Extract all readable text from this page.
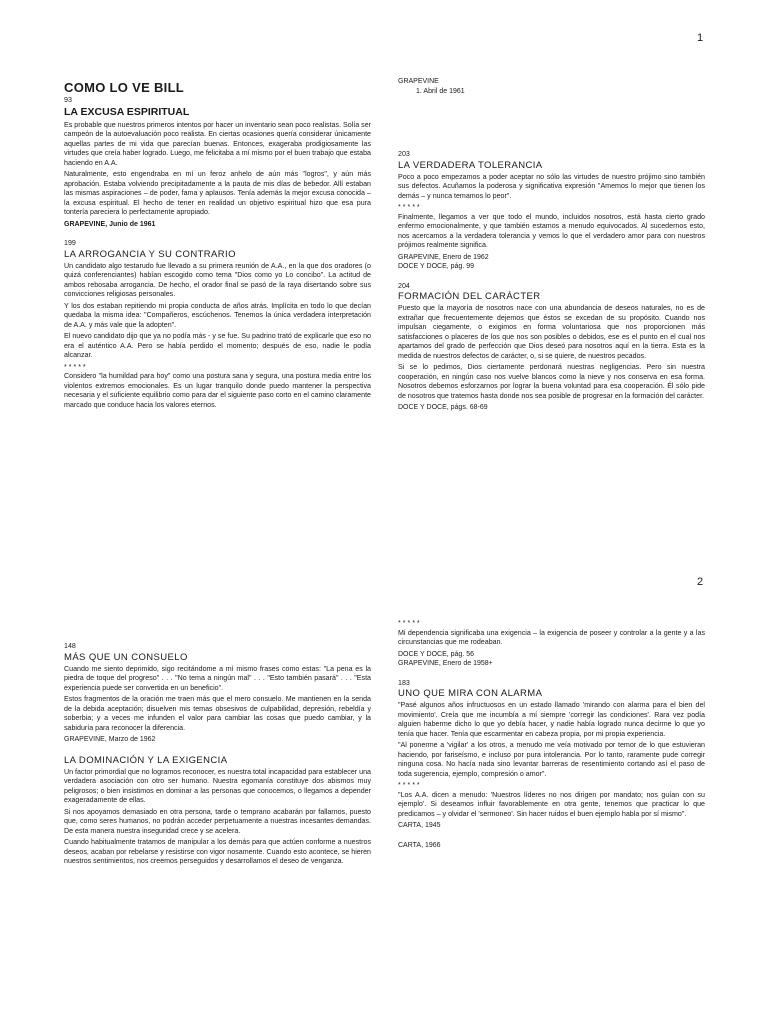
1
COMO LO VE BILL
93
LA EXCUSA ESPIRITUAL

Es probable que nuestros primeros intentos por hacer un inventario sean poco realistas. Solía ser campeón de la autoevaluación poco realista. En ciertas ocasiones quería considerar únicamente aquellas partes de mi vida que parecían buenas. Entonces, exageraba prodigiosamente las virtudes que creía haber logrado. Luego, me felicitaba a mí mismo por el buen trabajo que estaba haciendo en A.A.

Naturalmente, esto engendraba en mí un feroz anhelo de aún más "logros", y aún más aprobación. Estaba volviendo precipitadamente a la pauta de mis días de bebedor. Allí estaban las mismas aspiraciones – de poder, fama y aplausos. Tenía además la mejor excusa conocida – la excusa espiritual. El hecho de tener en realidad un objetivo espiritual hizo que esa pura tontería pareciera lo perfectamente apropiado.

GRAPEVINE, Junio de 1961
199
LA ARROGANCIA Y SU CONTRARIO

Un candidato algo testarudo fue llevado a su primera reunión de A.A., en la que dos oradores (o quizá conferenciantes) habían escogido como tema "Dios como yo Lo concibo". La actitud de ambos rebosaba arrogancia. De hecho, el orador final se pasó de la raya disertando sobre sus convicciones religiosas personales.

Y los dos estaban repitiendo mi propia conducta de años atrás. Implícita en todo lo que decían quedaba la misma idea: "Compañeros, escúchenos. Tenemos la única verdadera interpretación de A.A. y más vale que la adopten".

El nuevo candidato dijo que ya no podía más - y se fue. Su padrino trató de explicarle que eso no era el auténtico A.A. Pero se había perdido el momento; después de eso, nadie le podía alcanzar.

* * * * *

Considero "la humildad para hoy" como una postura sana y segura, una postura media entre los violentos extremos emocionales. Es un lugar tranquilo donde puedo mantener la perspectiva necesaria y el suficiente equilibrio como para dar el siguiente paso corto en el camino claramente marcado que conduce hacia los valores eternos.

GRAPEVINE
1. Abril de 1961
203
LA VERDADERA TOLERANCIA

Poco a poco empezamos a poder aceptar no sólo las virtudes de nuestro prójimo sino también sus defectos. Acuñamos la poderosa y significativa expresión "Amemos lo mejor que tienen los demás – y nunca temamos lo peor".

* * * * *

Finalmente, llegamos a ver que todo el mundo, incluidos nosotros, está hasta cierto grado enfermo emocionalmente, y que también estamos a menudo equivocados. Al sucedernos esto, nos acercamos a la verdadera tolerancia y vemos lo que el verdadero amor para con nuestros prójimos realmente significa.

GRAPEVINE, Enero de 1962
DOCE Y DOCE, pág. 99
204
FORMACIÓN DEL CARÁCTER

Puesto que la mayoría de nosotros nace con una abundancia de deseos naturales, no es de extrañar que frecuentemente dejemos que éstos se excedan de su propósito. Cuando nos impulsan ciegamente, o exigimos en forma voluntariosa que nos proporcionen más satisfacciones o placeres de los que nos son posibles o debidos, ese es el punto en el cual nos apartamos del grado de perfección que Dios deseó para nosotros aquí en la tierra. Esta es la medida de nuestros defectos de carácter, o, si se quiere, de nuestros pecados.

Si se lo pedimos, Dios ciertamente perdonará nuestras negligencias. Pero sin nuestra cooperación, en ningún caso nos vuelve blancos como la nieve y nos conserva en esa forma. Nosotros debemos esforzarnos por lograr la buena voluntad para esa cooperación. Él sólo pide de nosotros que tratemos hasta donde nos sea posible de progresar en la formación del carácter.

DOCE Y DOCE, págs. 68-69
2
148
MÁS QUE UN CONSUELO

Cuando me siento deprimido, sigo recitándome a mí mismo frases como estas: "La pena es la piedra de toque del progreso" . . . "No tema a ningún mal" . . . "Esto también pasará" . . . "Esta experiencia puede ser convertida en un beneficio".

Estos fragmentos de la oración me traen más que el mero consuelo. Me mantienen en la senda de la debida aceptación; disuelven mis temas obsesivos de culpabilidad, depresión, rebeldía y soberbia; y a veces me infunden el valor para cambiar las cosas que puedo cambiar, y la sabiduría para reconocer la diferencia.

GRAPEVINE, Marzo de 1962
LA DOMINACIÓN Y LA EXIGENCIA

Un factor primordial que no logramos reconocer, es nuestra total incapacidad para establecer una verdadera asociación con otro ser humano. Nuestra egomanía constituye dos abismos muy peligrosos; o bien insistimos en dominar a las personas que conocemos, o llegamos a depender exageradamente de ellas.

Si nos apoyamos demasiado en otra persona, tarde o temprano acabarán por fallarnos, puesto que, como seres humanos, no podrán acceder perpetuamente a nuestras incesantes demandas. De esta manera nuestra inseguridad crece y se acelera.

Cuando habitualmente tratamos de manipular a los demás para que actúen conforme a nuestros deseos, acaban por rebelarse y resistirse con vigor nosamente. Cuando esto acontece, se hieren nuestros sentimientos, nos creemos perseguidos y desarrollamos el deseo de venganza.

* * * * *

Mi dependencia significaba una exigencia – la exigencia de poseer y controlar a la gente y a las circunstancias que me rodeaban.

DOCE Y DOCE, pág. 56
GRAPEVINE, Enero de 1958+
183
UNO QUE MIRA CON ALARMA

"Pasé algunos años infructuosos en un estado llamado 'mirando con alarma para el bien del movimiento'. Creía que me incumbía a mí siempre 'corregir las condiciones'. Rara vez podía alguien haberme dicho lo que yo debía hacer, y nadie había logrado nunca decirme lo que yo tenía que hacer. Tenía que escarmentar en cabeza propia, por mi propia experiencia.

"Al ponerme a 'vigilar' a los otros, a menudo me veía motivado por temor de lo que estuvieran haciendo, por fariseísmo, e incluso por pura intolerancia. Por lo tanto, raramente pude corregir ninguna cosa. No hacía nada sino levantar barreras de resentimiento cortando así el paso de toda sugerencia, ejemplo, compresión o amor".

* * * * *

"Los A.A. dicen a menudo: 'Nuestros líderes no nos dirigen por mandato; nos guían con su ejemplo'. Si deseamos influir favorablemente en otra gente, tenemos que practicar lo que predicamos – y olvidar el 'sermoneo'. Sin hacer ruidos el buen ejemplo habla por sí mismo".

CARTA, 1945
CARTA, 1966
